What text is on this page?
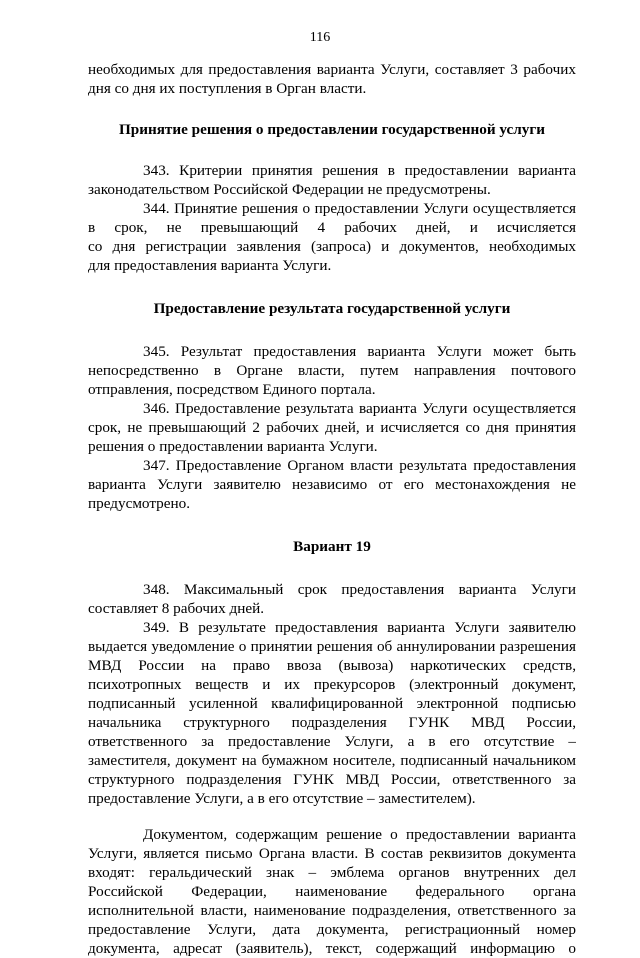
116
необходимых для предоставления варианта Услуги, составляет 3 рабочих
дня со дня их поступления в Орган власти.
Принятие решения о предоставлении государственной услуги
343. Критерии принятия решения в предоставлении варианта
законодательством Российской Федерации не предусмотрены.
344. Принятие решения о предоставлении Услуги осуществляется
в срок, не превышающий 4 рабочих дней, и исчисляется
со дня регистрации заявления (запроса) и документов, необходимых
для предоставления варианта Услуги.
Предоставление результата государственной услуги
345. Результат предоставления варианта Услуги может быть
непосредственно в Органе власти, путем направления почтового
отправления, посредством Единого портала.
346. Предоставление результата варианта Услуги осуществляется
срок, не превышающий 2 рабочих дней, и исчисляется со дня принятия
решения о предоставлении варианта Услуги.
347. Предоставление Органом власти результата предоставления
варианта Услуги заявителю независимо от его местонахождения не
предусмотрено.
Вариант 19
348. Максимальный срок предоставления варианта Услуги
составляет 8 рабочих дней.
349. В результате предоставления варианта Услуги заявителю
выдается уведомление о принятии решения об аннулировании разрешения
МВД России на право ввоза (вывоза) наркотических средств,
психотропных веществ и их прекурсоров (электронный документ,
подписанный усиленной квалифицированной электронной подписью
начальника структурного подразделения ГУНК МВД России,
ответственного за предоставление Услуги, а в его отсутствие –
заместителя, документ на бумажном носителе, подписанный начальником
структурного подразделения ГУНК МВД России, ответственного за
предоставление Услуги, а в его отсутствие – заместителем).
Документом, содержащим решение о предоставлении варианта
Услуги, является письмо Органа власти. В состав реквизитов документа
входят: геральдический знак – эмблема органов внутренних дел
Российской Федерации, наименование федерального органа
исполнительной власти, наименование подразделения, ответственного за
предоставление Услуги, дата документа, регистрационный номер
документа, адресат (заявитель), текст, содержащий информацию о
